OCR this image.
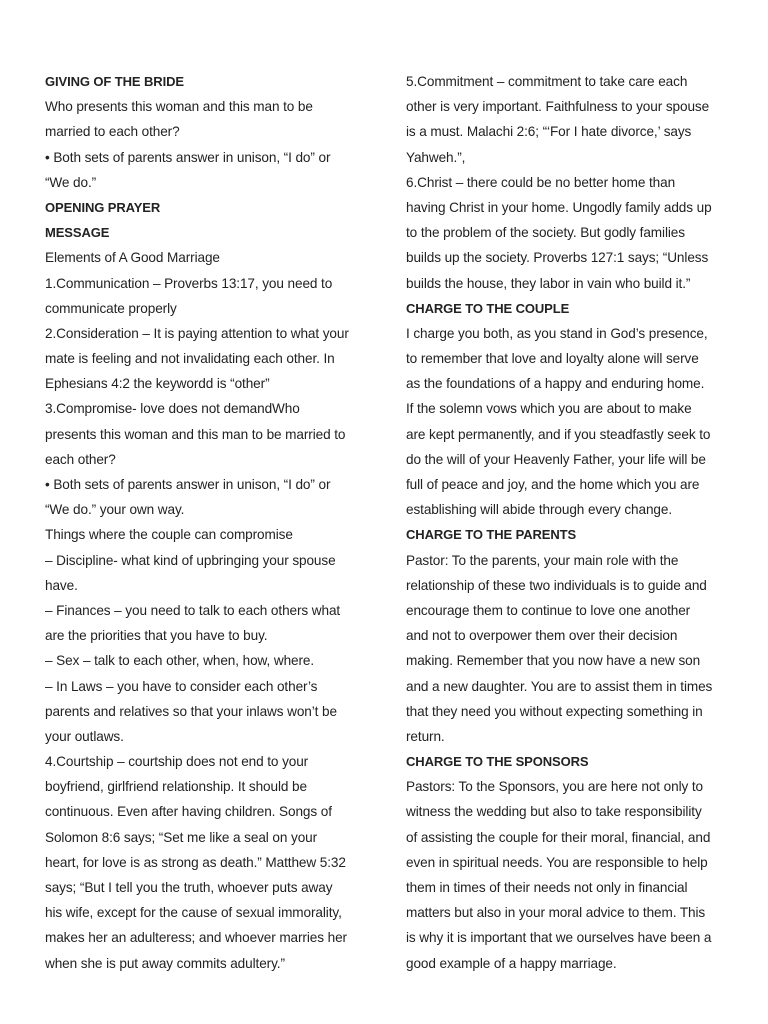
GIVING OF THE BRIDE
Who presents this woman and this man to be
married to each other?
• Both sets of parents answer in unison, “I do” or
“We do.”
OPENING PRAYER
MESSAGE
Elements of A Good Marriage
1.Communication – Proverbs 13:17, you need to
communicate properly
2.Consideration – It is paying attention to what your
mate is feeling and not invalidating each other. In
Ephesians 4:2 the keywordd is “other”
3.Compromise- love does not demandWho
presents this woman and this man to be married to
each other?
• Both sets of parents answer in unison, “I do” or
“We do.” your own way.
Things where the couple can compromise
– Discipline- what kind of upbringing your spouse
have.
– Finances – you need to talk to each others what
are the priorities that you have to buy.
– Sex – talk to each other, when, how, where.
– In Laws – you have to consider each other’s
parents and relatives so that your inlaws won’t be
your outlaws.
4.Courtship – courtship does not end to your
boyfriend, girlfriend relationship. It should be
continuous. Even after having children. Songs of
Solomon 8:6 says; “Set me like a seal on your
heart, for love is as strong as death.” Matthew 5:32
says; “But I tell you the truth, whoever puts away
his wife, except for the cause of sexual immorality,
makes her an adulteress; and whoever marries her
when she is put away commits adultery.”
5.Commitment – commitment to take care each
other is very important. Faithfulness to your spouse
is a must. Malachi 2:6; “‘For I hate divorce,’ says
Yahweh.”,
6.Christ – there could be no better home than
having Christ in your home. Ungodly family adds up
to the problem of the society. But godly families
builds up the society. Proverbs 127:1 says; “Unless
builds the house, they labor in vain who build it.”
CHARGE TO THE COUPLE
I charge you both, as you stand in God’s presence,
to remember that love and loyalty alone will serve
as the foundations of a happy and enduring home.
If the solemn vows which you are about to make
are kept permanently, and if you steadfastly seek to
do the will of your Heavenly Father, your life will be
full of peace and joy, and the home which you are
establishing will abide through every change.
CHARGE TO THE PARENTS
Pastor: To the parents, your main role with the
relationship of these two individuals is to guide and
encourage them to continue to love one another
and not to overpower them over their decision
making. Remember that you now have a new son
and a new daughter. You are to assist them in times
that they need you without expecting something in
return.
CHARGE TO THE SPONSORS
Pastors: To the Sponsors, you are here not only to
witness the wedding but also to take responsibility
of assisting the couple for their moral, financial, and
even in spiritual needs. You are responsible to help
them in times of their needs not only in financial
matters but also in your moral advice to them. This
is why it is important that we ourselves have been a
good example of a happy marriage.
